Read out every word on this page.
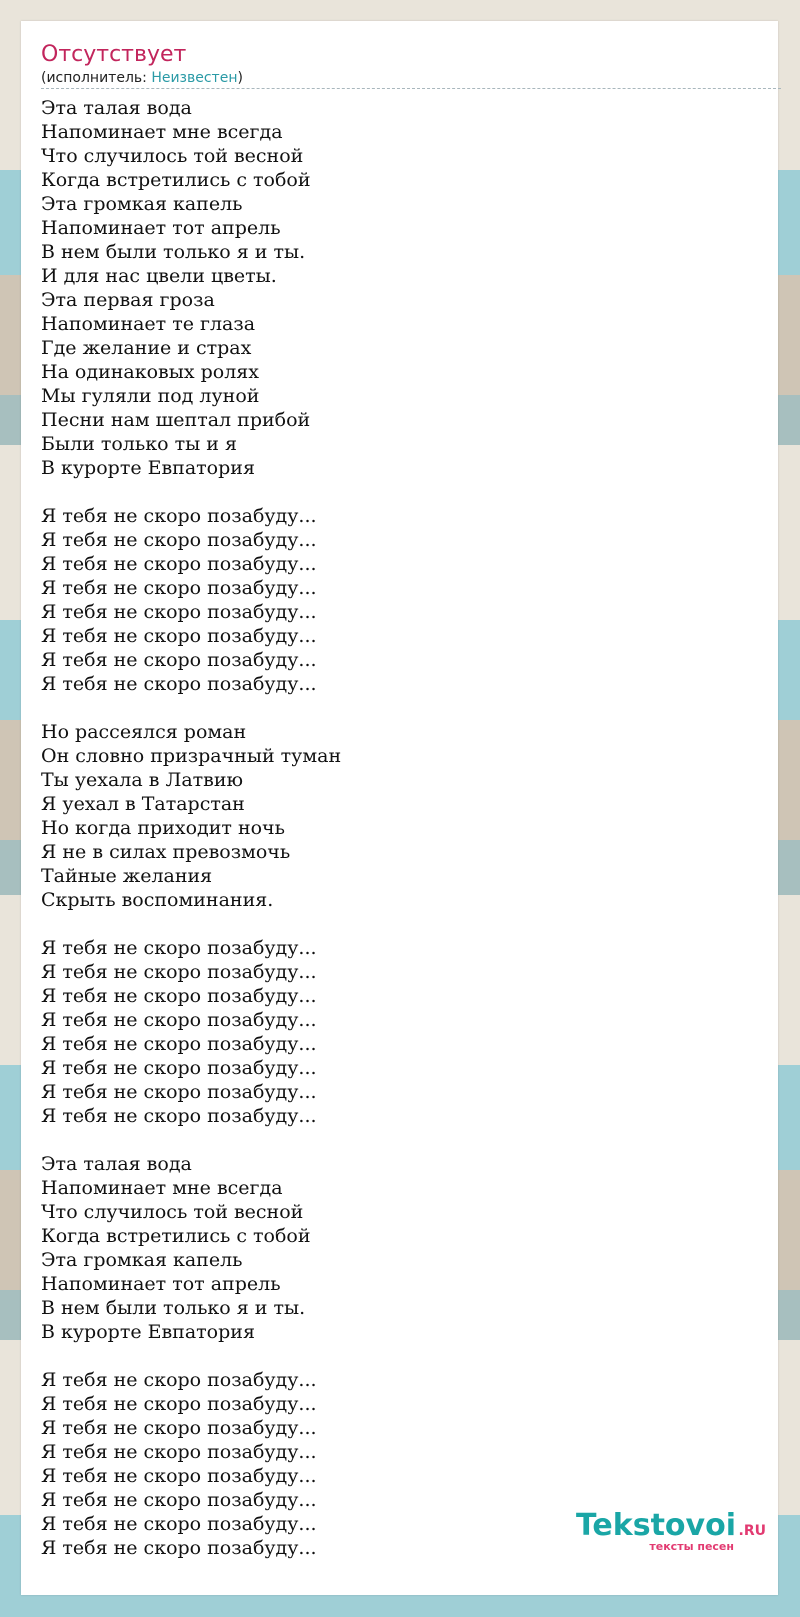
Отсутствует
(исполнитель: Неизвестен)
Эта талая вода
Напоминает мне всегда
Что случилось той весной
Когда встретились с тобой
Эта громкая капель
Напоминает тот апрель
В нем были только я и ты.
И для нас цвели цветы.
Эта первая гроза
Напоминает те глаза
Где желание и страх
На одинаковых ролях
Мы гуляли под луной
Песни нам шептал прибой
Были только ты и я
В курорте Евпатория

Я тебя не скоро позабуду...
Я тебя не скоро позабуду...
Я тебя не скоро позабуду...
Я тебя не скоро позабуду...
Я тебя не скоро позабуду...
Я тебя не скоро позабуду...
Я тебя не скоро позабуду...
Я тебя не скоро позабуду...

Но рассеялся роман
Он словно призрачный туман
Ты уехала в Латвию
Я уехал в Татарстан
Но когда приходит ночь
Я не в силах превозмочь
Тайные желания
Скрыть воспоминания.

Я тебя не скоро позабуду...
Я тебя не скоро позабуду...
Я тебя не скоро позабуду...
Я тебя не скоро позабуду...
Я тебя не скоро позабуду...
Я тебя не скоро позабуду...
Я тебя не скоро позабуду...
Я тебя не скоро позабуду...

Эта талая вода
Напоминает мне всегда
Что случилось той весной
Когда встретились с тобой
Эта громкая капель
Напоминает тот апрель
В нем были только я и ты.
В курорте Евпатория

Я тебя не скоро позабуду...
Я тебя не скоро позабуду...
Я тебя не скоро позабуду...
Я тебя не скоро позабуду...
Я тебя не скоро позабуду...
Я тебя не скоро позабуду...
Я тебя не скоро позабуду...
Я тебя не скоро позабуду...
Tekstovoi .RU
тексты песен
